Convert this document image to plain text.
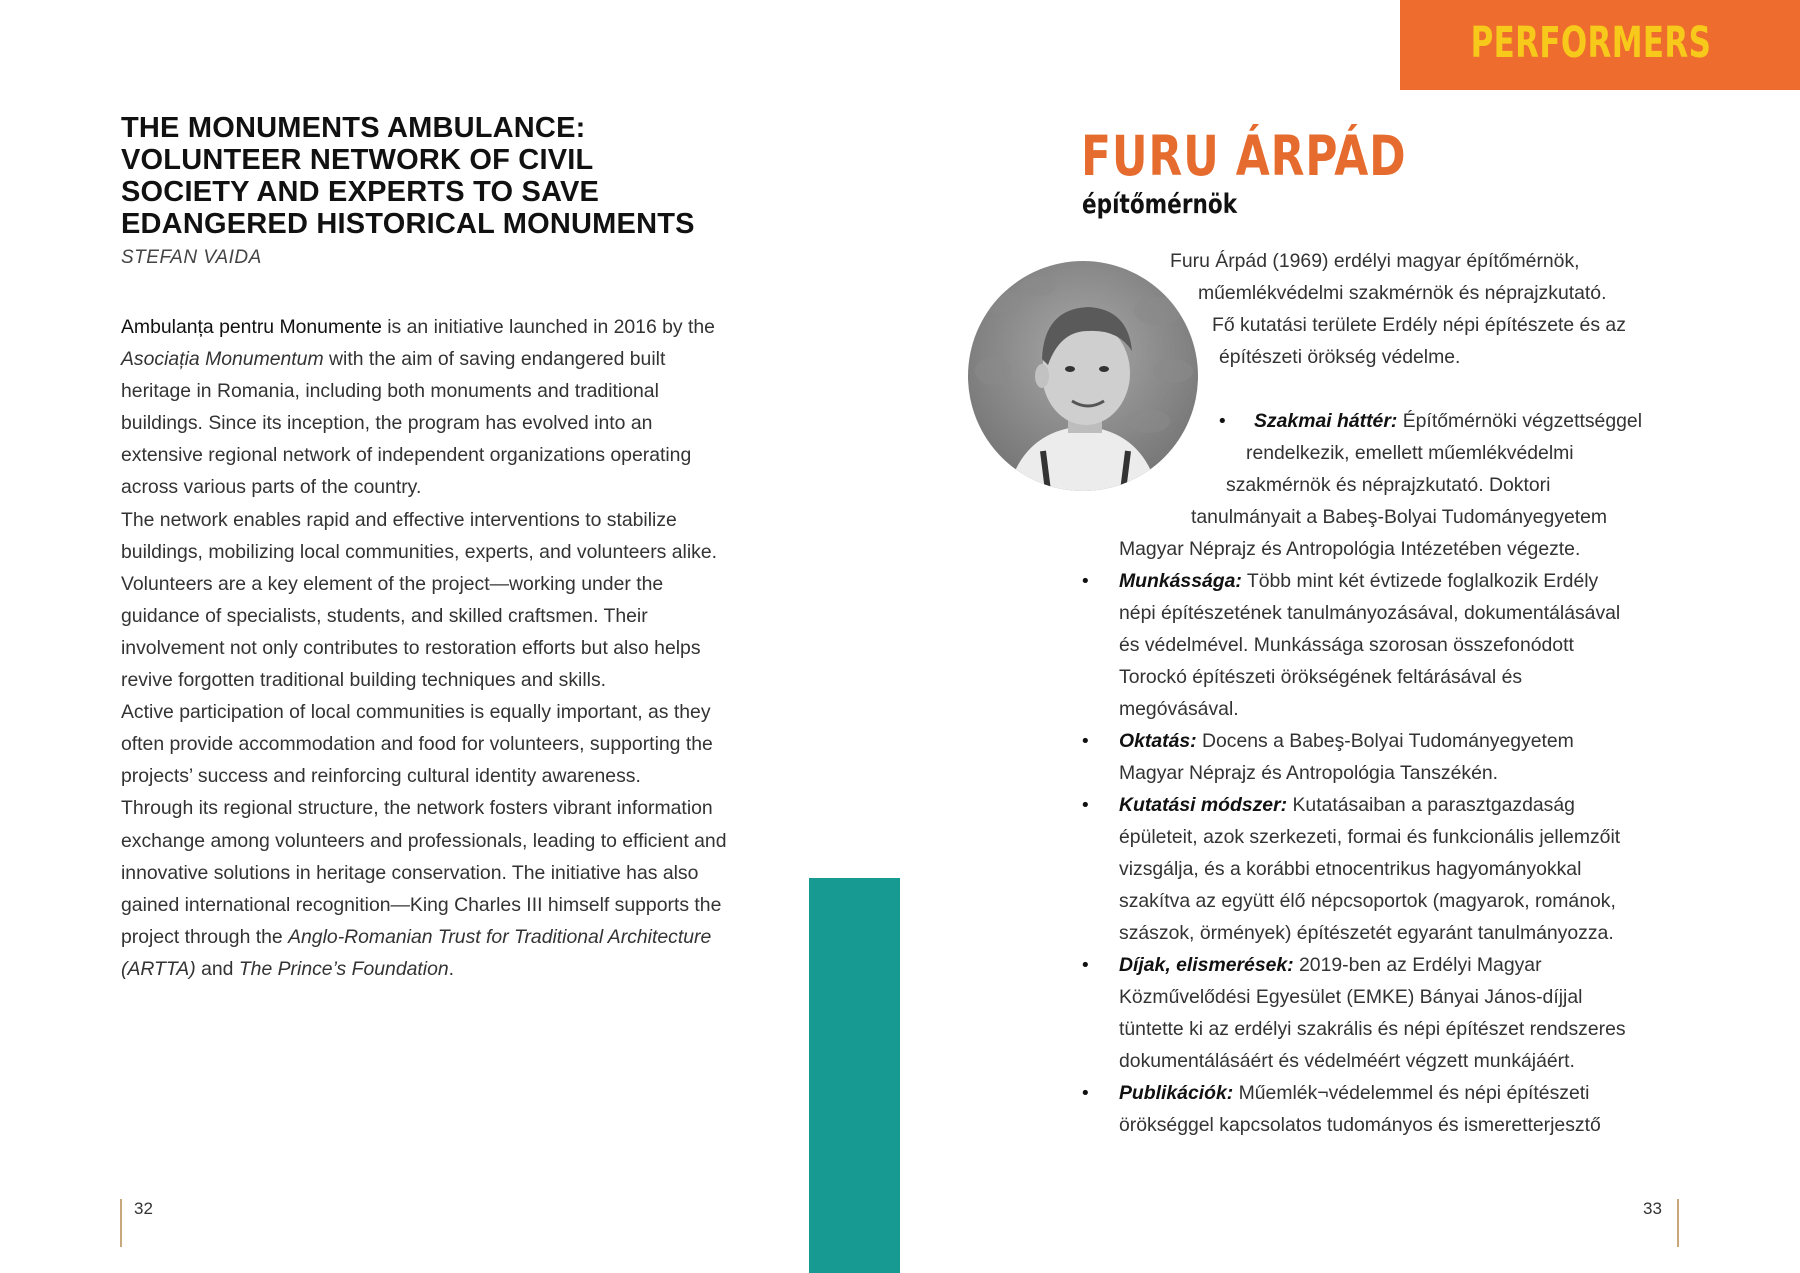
THE MONUMENTS AMBULANCE: VOLUNTEER NETWORK OF CIVIL SOCIETY AND EXPERTS TO SAVE EDANGERED HISTORICAL MONUMENTS
STEFAN VAIDA

Ambulanța pentru Monumente is an initiative launched in 2016 by the Asociația Monumentum with the aim of saving endangered built heritage in Romania, including both monuments and traditional buildings. Since its inception, the program has evolved into an extensive regional network of independent organizations operating across various parts of the country.

The network enables rapid and effective interventions to stabilize buildings, mobilizing local communities, experts, and volunteers alike. Volunteers are a key element of the project—working under the guidance of specialists, students, and skilled craftsmen. Their involvement not only contributes to restoration efforts but also helps revive forgotten traditional building techniques and skills.

Active participation of local communities is equally important, as they often provide accommodation and food for volunteers, supporting the projects’ success and reinforcing cultural identity awareness.

Through its regional structure, the network fosters vibrant information exchange among volunteers and professionals, leading to efficient and innovative solutions in heritage conservation. The initiative has also gained international recognition—King Charles III himself supports the project through the Anglo-Romanian Trust for Traditional Architecture (ARTTA) and The Prince’s Foundation.

32
PERFORMERS
FURU ÁRPÁD
építőmérnök
Furu Árpád (1969) erdélyi magyar építőmérnök,
műemlékvédelmi szakmérnök és néprajzkutató.
Fő kutatási területe Erdély népi építészete és az
építészeti örökség védelme.
• Szakmai háttér: Építőmérnöki végzettséggel
rendelkezik, emellett műemlékvédelmi
szakmérnök és néprajzkutató. Doktori
tanulmányait a Babeş-Bolyai Tudományegyetem
Magyar Néprajz és Antropológia Intézetében végezte.
• Munkássága: Több mint két évtizede foglalkozik Erdély
népi építészetének tanulmányozásával, dokumentálásával
és védelmével. Munkássága szorosan összefonódott
Torockó építészeti örökségének feltárásával és
megóvásával.
• Oktatás: Docens a Babeş-Bolyai Tudományegyetem
Magyar Néprajz és Antropológia Tanszékén.
• Kutatási módszer: Kutatásaiban a parasztgazdaság
épületeit, azok szerkezeti, formai és funkcionális jellemzőit
vizsgálja, és a korábbi etnocentrikus hagyományokkal
szakítva az együtt élő népcsoportok (magyarok, románok,
szászok, örmények) építészetét egyaránt tanulmányozza.
• Díjak, elismerések: 2019-ben az Erdélyi Magyar
Közművelődési Egyesület (EMKE) Bányai János-díjjal
tüntette ki az erdélyi szakrális és népi építészet rendszeres
dokumentálásáért és védelméért végzett munkájáért.
• Publikációk: Műemlék¬védelemmel és népi építészeti
örökséggel kapcsolatos tudományos és ismeretterjesztő
33
